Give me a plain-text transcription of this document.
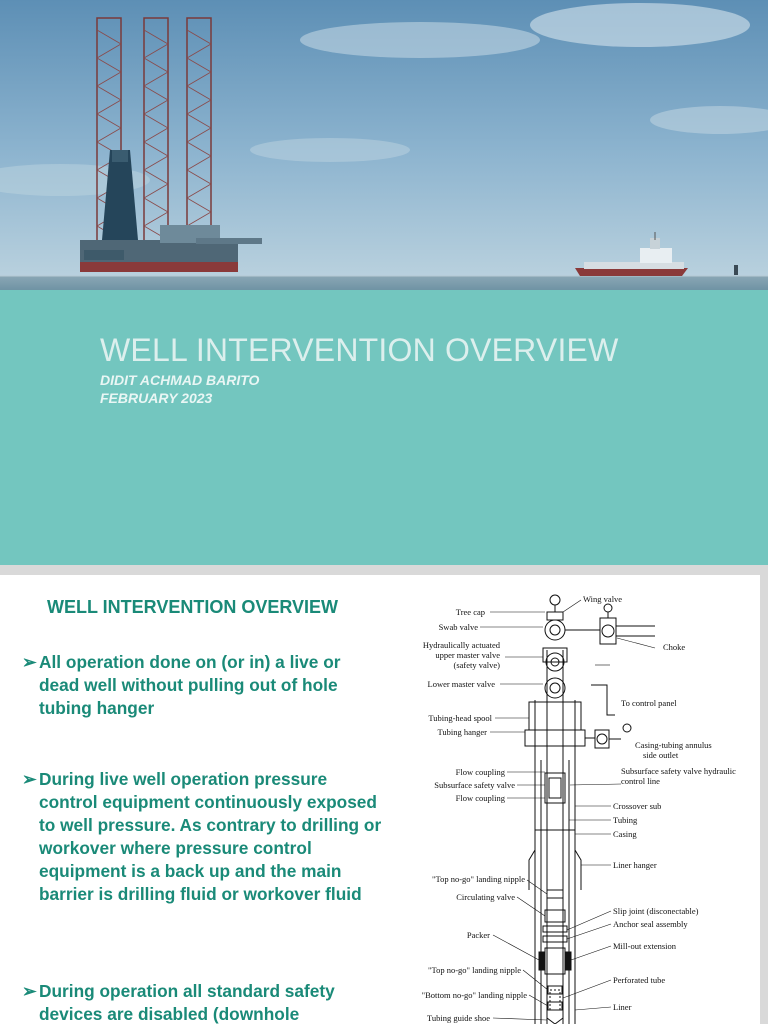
WELL INTERVENTION OVERVIEW
DIDIT ACHMAD BARITO
FEBRUARY 2023
WELL INTERVENTION OVERVIEW
➢ All operation done on (or in) a live or dead well without pulling out of hole tubing hanger
➢ During live well operation pressure control equipment continuously exposed to well pressure. As contrary to drilling or workover where pressure control equipment is a back up and the main barrier is drilling fluid or workover fluid
➢ During operation all standard safety devices are disabled (downhole
Tree cap
Swab valve
Hydraulically actuated
upper master valve
(safety valve)
Lower master valve
Tubing-head spool
Tubing hanger
Flow coupling
Subsurface safety valve
Flow coupling
"Top no-go" landing nipple
Circulating valve
Packer
"Top no-go" landing nipple
"Bottom no-go" landing nipple
Tubing guide shoe
Wing valve
Choke
To control panel
Casing-tubing annulus
side outlet
Subsurface safety valve hydraulic
control line
Crossover sub
Tubing
Casing
Liner hanger
Slip joint (disconectable)
Anchor seal assembly
Mill-out extension
Perforated tube
Liner
